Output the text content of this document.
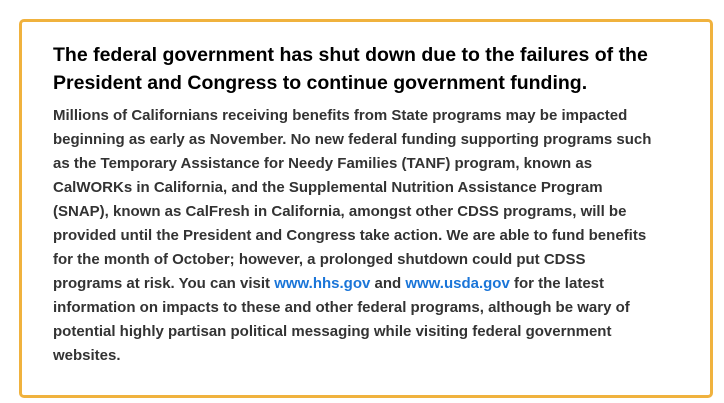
The federal government has shut down due to the failures of the
President and Congress to continue government funding.
Millions of Californians receiving benefits from State programs may be impacted
beginning as early as November. No new federal funding supporting programs such
as the Temporary Assistance for Needy Families (TANF) program, known as
CalWORKs in California, and the Supplemental Nutrition Assistance Program
(SNAP), known as CalFresh in California, amongst other CDSS programs, will be
provided until the President and Congress take action. We are able to fund benefits
for the month of October; however, a prolonged shutdown could put CDSS
programs at risk. You can visit www.hhs.gov and www.usda.gov for the latest
information on impacts to these and other federal programs, although be wary of
potential highly partisan political messaging while visiting federal government
websites.
